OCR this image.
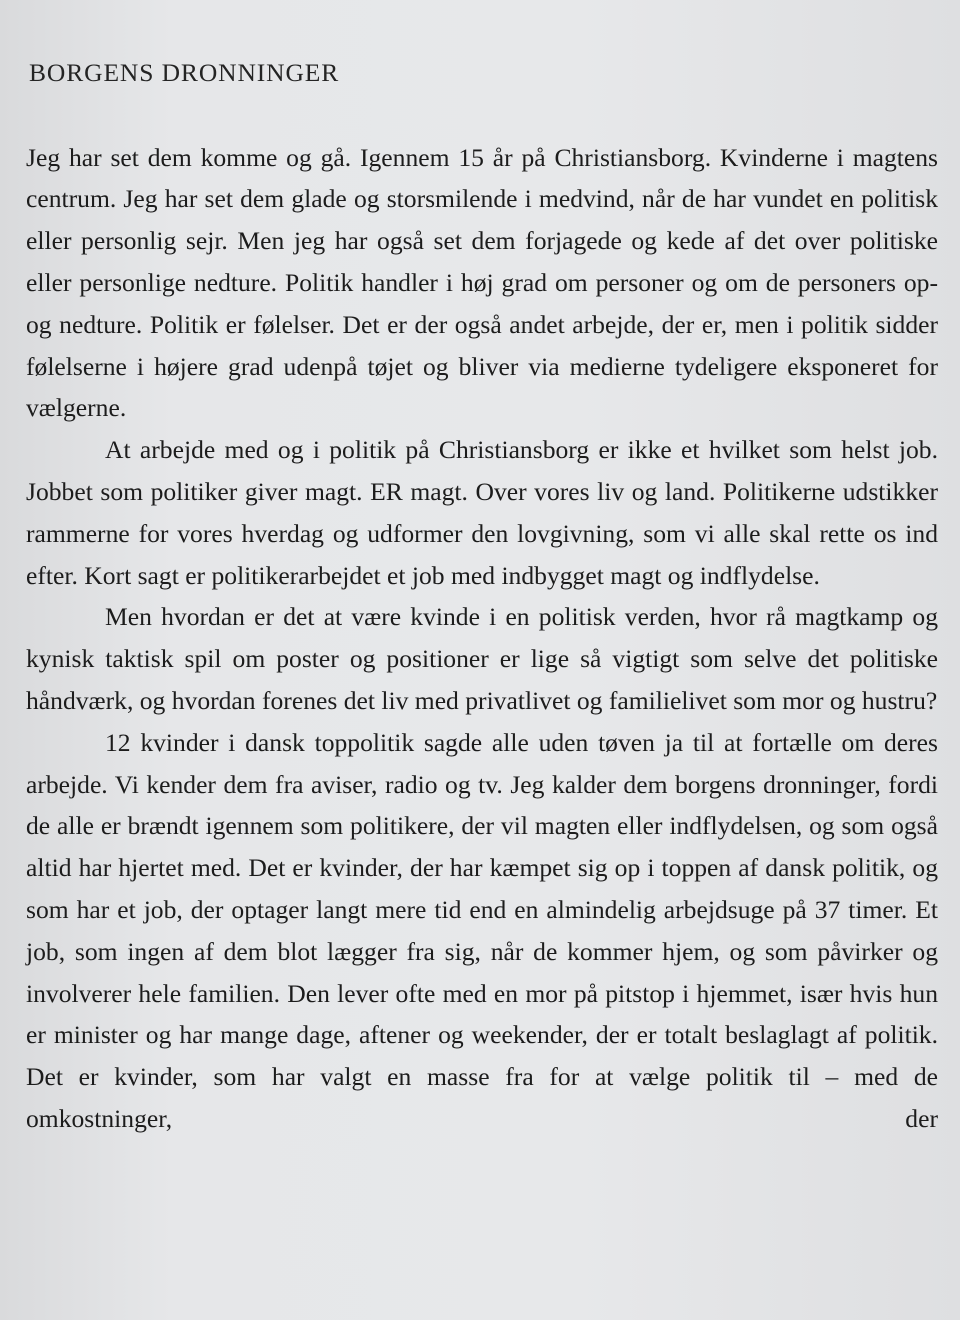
BORGENS DRONNINGER

Jeg har set dem komme og gå. Igennem 15 år på Christiansborg. Kvinderne i magtens centrum. Jeg har set dem glade og storsmilende i medvind, når de har vundet en politisk eller personlig sejr. Men jeg har også set dem forjagede og kede af det over politiske eller personlige nedture. Politik handler i høj grad om personer og om de personers op- og nedture. Politik er følelser. Det er der også andet arbejde, der er, men i politik sidder følelserne i højere grad udenpå tøjet og bliver via medierne tydeligere eksponeret for vælgerne.

At arbejde med og i politik på Christiansborg er ikke et hvilket som helst job. Jobbet som politiker giver magt. ER magt. Over vores liv og land. Politikerne udstikker rammerne for vores hverdag og udformer den lovgivning, som vi alle skal rette os ind efter. Kort sagt er politikerarbejdet et job med indbygget magt og indflydelse.

Men hvordan er det at være kvinde i en politisk verden, hvor rå magtkamp og kynisk taktisk spil om poster og positioner er lige så vigtigt som selve det politiske håndværk, og hvordan forenes det liv med privatlivet og familielivet som mor og hustru?

12 kvinder i dansk toppolitik sagde alle uden tøven ja til at fortælle om deres arbejde. Vi kender dem fra aviser, radio og tv. Jeg kalder dem borgens dronninger, fordi de alle er brændt igennem som politikere, der vil magten eller indflydelsen, og som også altid har hjertet med. Det er kvinder, der har kæmpet sig op i toppen af dansk politik, og som har et job, der optager langt mere tid end en almindelig arbejdsuge på 37 timer. Et job, som ingen af dem blot lægger fra sig, når de kommer hjem, og som påvirker og involverer hele familien. Den lever ofte med en mor på pitstop i hjemmet, især hvis hun er minister og har mange dage, aftener og weekender, der er totalt beslaglagt af politik. Det er kvinder, som har valgt en masse fra for at vælge politik til – med de omkostninger, der
